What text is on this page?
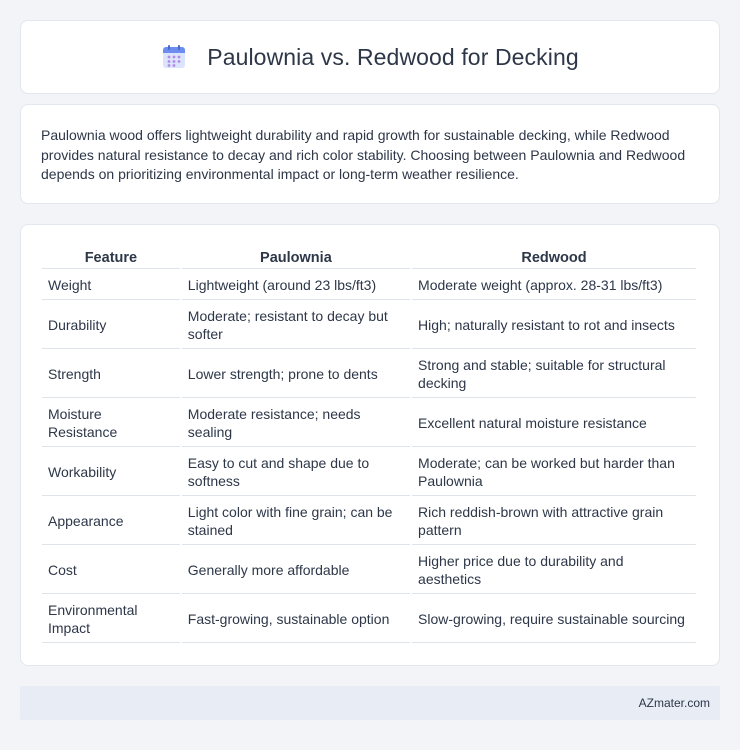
Paulownia vs. Redwood for Decking

Paulownia wood offers lightweight durability and rapid growth for sustainable decking, while Redwood provides natural resistance to decay and rich color stability. Choosing between Paulownia and Redwood depends on prioritizing environmental impact or long-term weather resilience.

Feature	Paulownia	Redwood
Weight	Lightweight (around 23 lbs/ft3)	Moderate weight (approx. 28-31 lbs/ft3)
Durability	Moderate; resistant to decay but softer	High; naturally resistant to rot and insects
Strength	Lower strength; prone to dents	Strong and stable; suitable for structural decking
Moisture Resistance	Moderate resistance; needs sealing	Excellent natural moisture resistance
Workability	Easy to cut and shape due to softness	Moderate; can be worked but harder than Paulownia
Appearance	Light color with fine grain; can be stained	Rich reddish-brown with attractive grain pattern
Cost	Generally more affordable	Higher price due to durability and aesthetics
Environmental Impact	Fast-growing, sustainable option	Slow-growing, require sustainable sourcing
AZmater.com
